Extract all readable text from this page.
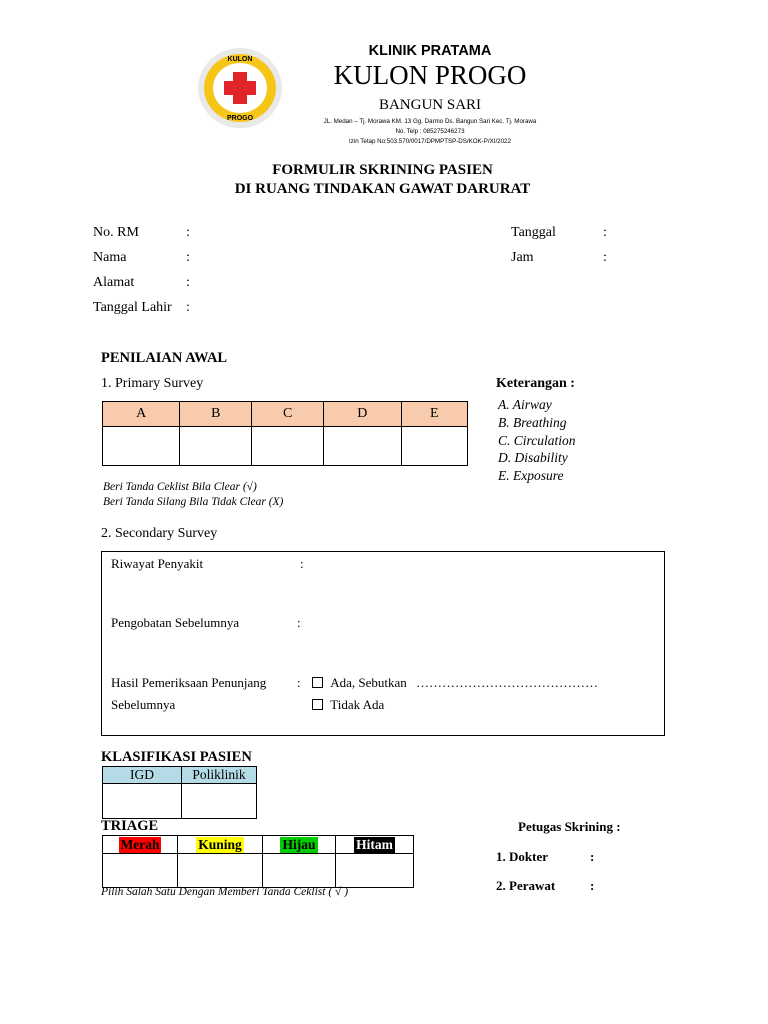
KULON
PROGO
KLINIK PRATAMA
KULON PROGO
BANGUN SARI
JL. Medan – Tj. Morawa KM. 13 Gg. Darmo Ds. Bangun Sari Kec. Tj. Morawa
No. Telp : 085275246273
Izin Tetap No:503.570/0017/DPMPTSP-DS/KOK-P/XI/2022
FORMULIR SKRINING PASIEN
DI RUANG TINDAKAN GAWAT DARURAT
No. RM	:
Nama	:
Alamat	:
Tanggal Lahir :
Tanggal	:
Jam	:
PENILAIAN AWAL
1. Primary Survey
A	B	C	D	E

Beri Tanda Ceklist Bila Clear (√)
Beri Tanda Silang Bila Tidak Clear (X)
Keterangan :
A. Airway
B. Breathing
C. Circulation
D. Disability
E. Exposure
2. Secondary Survey
Riwayat Penyakit	:
Pengobatan Sebelumnya	:
Hasil Pemeriksaan Penunjang
Sebelumnya
:	Ada, Sebutkan ……………………………………
Tidak Ada
KLASIFIKASI PASIEN
IGD	Poliklinik

TRIAGE
Merah	Kuning	Hijau	Hitam

Pilih Salah Satu Dengan Memberi Tanda Ceklist ( √ )
Petugas Skrining :
1. Dokter	:
2. Perawat	:
